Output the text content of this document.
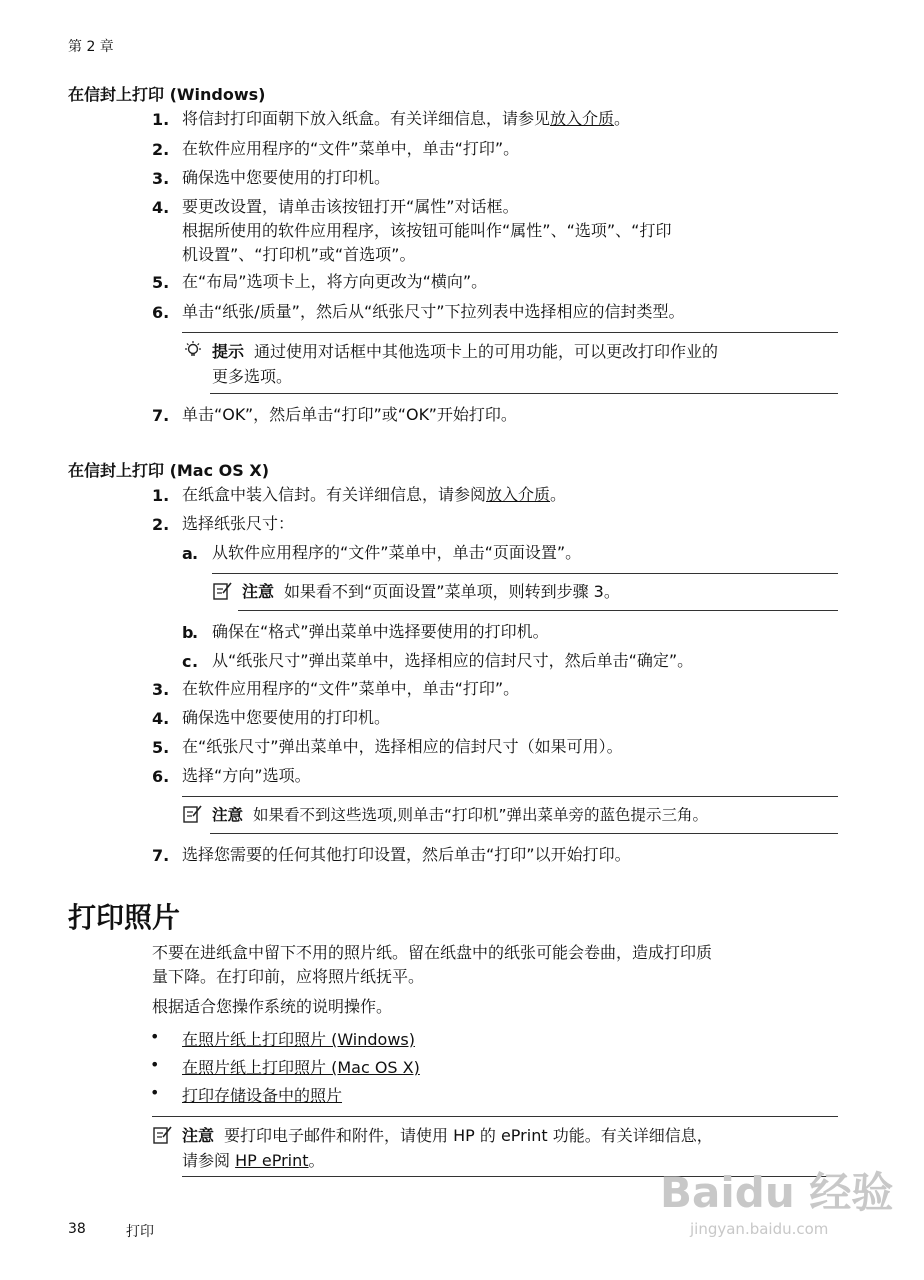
第 2 章
在信封上打印 (Windows)
1. 将信封打印面朝下放入纸盒。有关详细信息，请参见放入介质。
2. 在软件应用程序的“文件”菜单中，单击“打印”。
3. 确保选中您要使用的打印机。
4. 要更改设置，请单击该按钮打开“属性”对话框。
根据所使用的软件应用程序，该按钮可能叫作“属性”、“选项”、“打印
机设置”、“打印机”或“首选项”。
5. 在“布局”选项卡上，将方向更改为“横向”。
6. 单击“纸张/质量”，然后从“纸张尺寸”下拉列表中选择相应的信封类型。
提示 通过使用对话框中其他选项卡上的可用功能，可以更改打印作业的
更多选项。
7. 单击“OK”，然后单击“打印”或“OK”开始打印。
在信封上打印 (Mac OS X)
1. 在纸盒中装入信封。有关详细信息，请参阅放入介质。
2. 选择纸张尺寸：
a . 从软件应用程序的“文件”菜单中，单击“页面设置”。
注意 如果看不到“页面设置”菜单项，则转到步骤 3。
b
. 确保在“格式”弹出菜单中选择要使用的打印机。
c . 从“纸张尺寸”弹出菜单中，选择相应的信封尺寸，然后单击“确定”。
3. 在软件应用程序的“文件”菜单中，单击“打印”。
4. 确保选中您要使用的打印机。
5. 在“纸张尺寸”弹出菜单中，选择相应的信封尺寸（如果可用）。
6. 选择“方向”选项。
注意 如果看不到这些选项,则单击“打印机”弹出菜单旁的蓝色提示三角。
7. 选择您需要的任何其他打印设置，然后单击“打印”以开始打印。
打印照片
不要在进纸盒中留下不用的照片纸。留在纸盘中的纸张可能会卷曲，造成打印质
量下降。在打印前，应将照片纸抚平。
根据适合您操作系统的说明操作。
• 在照片纸上打印照片 (Windows)
• 在照片纸上打印照片 (Mac OS X)
• 打印存储设备中的照片
注意 要打印电子邮件和附件，请使用 HP 的 ePrint 功能。有关详细信息，
请参阅 HP ePrint。
38	打印
Baidu 经验
jingyan.baidu.com
